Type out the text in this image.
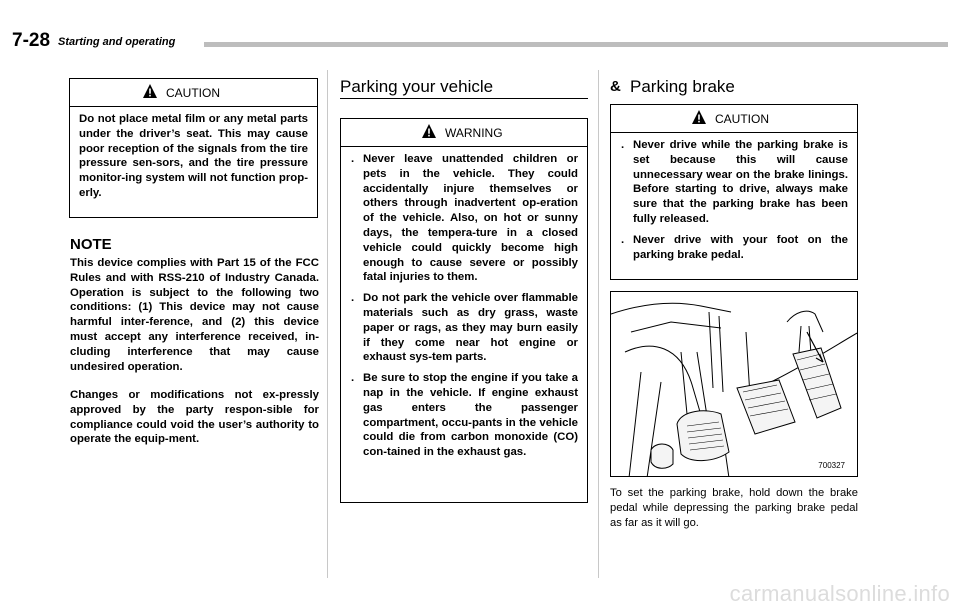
7-28 Starting and operating
CAUTION
Do not place metal film or any metal parts under the driver’s seat. This may cause poor reception of the signals from the tire pressure sen-sors, and the tire pressure monitor-ing system will not function prop-erly.
NOTE
This device complies with Part 15 of the FCC Rules and with RSS-210 of Industry Canada. Operation is subject to the following two conditions: (1) This device may not cause harmful inter-ference, and (2) this device must accept any interference received, in-cluding interference that may cause undesired operation.
Changes or modifications not ex-pressly approved by the party respon-sible for compliance could void the user’s authority to operate the equip-ment.
Parking your vehicle
WARNING
. Never leave unattended children or pets in the vehicle. They could accidentally injure themselves or others through inadvertent op-eration of the vehicle. Also, on hot or sunny days, the tempera-ture in a closed vehicle could quickly become high enough to cause severe or possibly fatal injuries to them.
. Do not park the vehicle over flammable materials such as dry grass, waste paper or rags, as they may burn easily if they come near hot engine or exhaust sys-tem parts.
. Be sure to stop the engine if you take a nap in the vehicle. If engine exhaust gas enters the passenger compartment, occu-pants in the vehicle could die from carbon monoxide (CO) con-tained in the exhaust gas.
& Parking brake
CAUTION
. Never drive while the parking brake is set because this will cause unnecessary wear on the brake linings. Before starting to drive, always make sure that the parking brake has been fully released.
. Never drive with your foot on the parking brake pedal.
700327
To set the parking brake, hold down the brake pedal while depressing the parking brake pedal as far as it will go.
carmanualsonline.info
